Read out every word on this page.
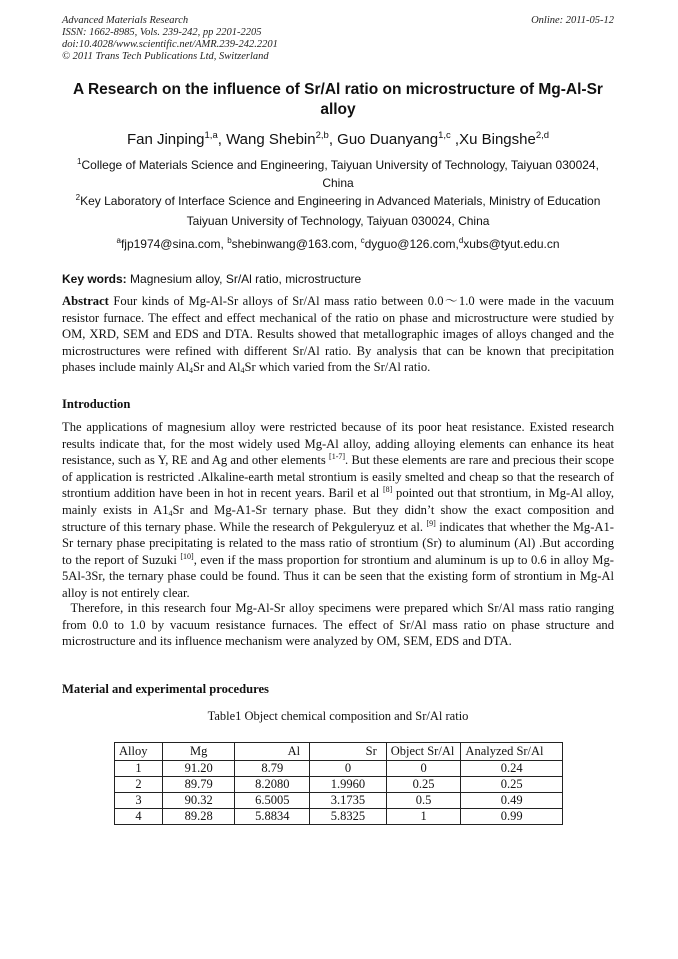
Advanced Materials Research
ISSN: 1662-8985, Vols. 239-242, pp 2201-2205
doi:10.4028/www.scientific.net/AMR.239-242.2201
© 2011 Trans Tech Publications Ltd, Switzerland
Online: 2011-05-12
A Research on the influence of Sr/Al ratio on microstructure of Mg-Al-Sr
alloy
Fan Jinping$^{1,a}$, Wang Shebin$^{2,b}$, Guo Duanyang$^{1,c}$ ,Xu Bingshe$^{2,d}$
$^1$College of Materials Science and Engineering, Taiyuan University of Technology, Taiyuan 030024,
China
$^2$Key Laboratory of Interface Science and Engineering in Advanced Materials, Ministry of Education
Taiyuan University of Technology, Taiyuan 030024, China
$^a$fjp1974@sina.com, $^b$shebinwang@163.com, $^c$dyguo@126.com,$^d$xubs@tyut.edu.cn
Key words: Magnesium alloy, Sr/Al ratio, microstructure
Abstract Four kinds of Mg-Al-Sr alloys of Sr/Al mass ratio between 0.0～1.0 were made in the vacuum resistor furnace. The effect and effect mechanical of the ratio on phase and microstructure were studied by OM, XRD, SEM and EDS and DTA. Results showed that metallographic images of alloys changed and the microstructures were refined with different Sr/Al ratio. By analysis that can be known that precipitation phases include mainly $Al_4Sr$ and $Al_4Sr$ which varied from the Sr/Al ratio.
Introduction
The applications of magnesium alloy were restricted because of its poor heat resistance. Existed research results indicate that, for the most widely used Mg-Al alloy, adding alloying elements can enhance its heat resistance, such as Y, RE and Ag and other elements [1-7]. But these elements are rare and precious their scope of application is restricted .Alkaline-earth metal strontium is easily smelted and cheap so that the research of strontium addition have been in hot in recent years. Baril et al [8] pointed out that strontium, in Mg-Al alloy, mainly exists in $A1_4Sr$ and Mg-A1-Sr ternary phase. But they didn’t show the exact composition and structure of this ternary phase. While the research of Pekguleryuz et al. [9] indicates that whether the Mg-A1-Sr ternary phase precipitating is related to the mass ratio of strontium (Sr) to aluminum (Al) .But according to the report of Suzuki [10], even if the mass proportion for strontium and aluminum is up to 0.6 in alloy Mg-5Al-3Sr, the ternary phase could be found. Thus it can be seen that the existing form of strontium in Mg-Al alloy is not entirely clear.
Therefore, in this research four Mg-Al-Sr alloy specimens were prepared which Sr/Al mass ratio ranging from 0.0 to 1.0 by vacuum resistance furnaces. The effect of Sr/Al mass ratio on phase structure and microstructure and its influence mechanism were analyzed by OM, SEM, EDS and DTA.
Material and experimental procedures
Table1 Object chemical composition and Sr/Al ratio
Alloy	Mg	Al	Sr	Object Sr/Al	Analyzed Sr/Al
1	91.20	8.79	0	0	0.24
2	89.79	8.2080	1.9960	0.25	0.25
3	90.32	6.5005	3.1735	0.5	0.49
4	89.28	5.8834	5.8325	1	0.99
